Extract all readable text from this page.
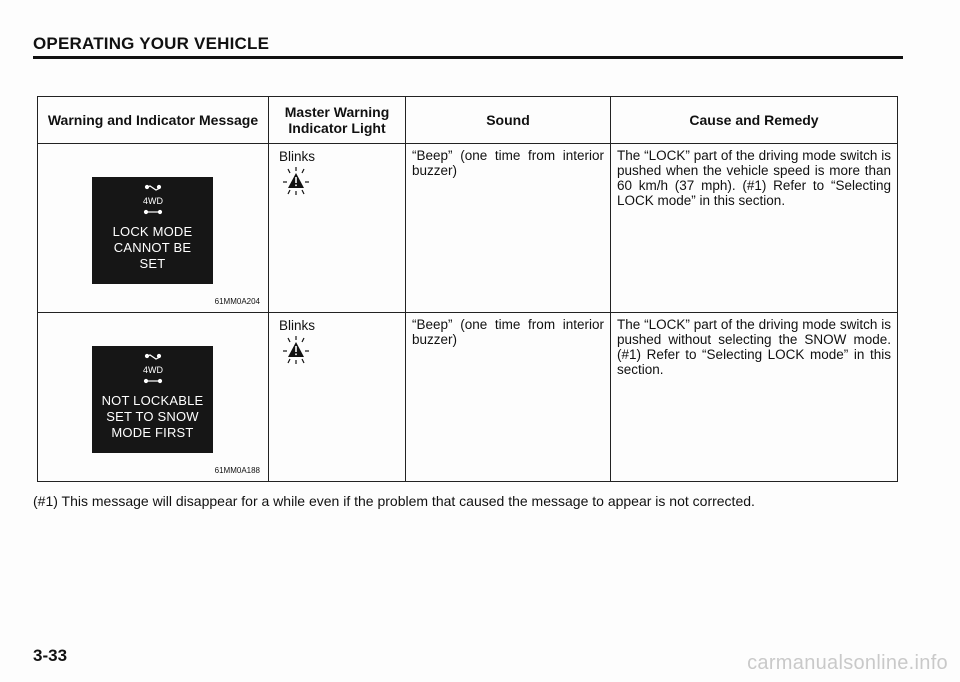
OPERATING YOUR VEHICLE
Warning and Indicator Message	Master Warning Indicator Light	Sound	Cause and Remedy

4WD
LOCK MODE
CANNOT BE
SET
61MM0A204	Blinks	“Beep” (one time from interior buzzer)	The “LOCK” part of the driving mode switch is pushed when the vehicle speed is more than 60 km/h (37 mph). (#1) Refer to “Selecting LOCK mode” in this section.

4WD
NOT LOCKABLE
SET TO SNOW
MODE FIRST
61MM0A188	Blinks	“Beep” (one time from interior buzzer)	The “LOCK” part of the driving mode switch is pushed without selecting the SNOW mode. (#1) Refer to “Selecting LOCK mode” in this section.
(#1) This message will disappear for a while even if the problem that caused the message to appear is not corrected.
3-33	carmanualsonline.info
